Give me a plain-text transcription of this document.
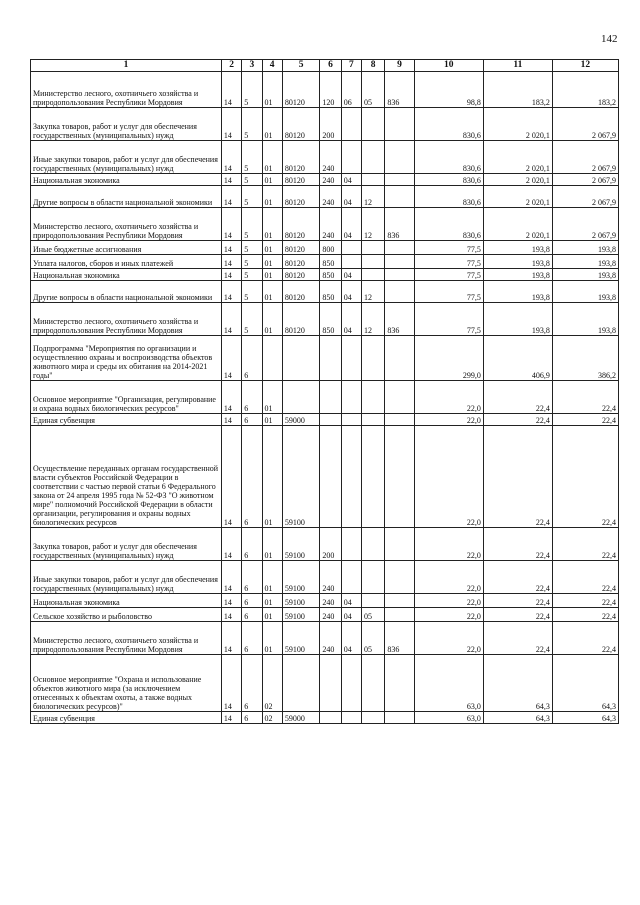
142
1	2	3	4	5	6	7	8	9	10	11	12
Министерство лесного, охотничьего хозяйства и природопользования Республики Мордовия	14	5	01	80120	120	06	05	836	98,8	183,2	183,2
Закупка товаров, работ и услуг для обеспечения государственных (муниципальных) нужд	14	5	01	80120	200				830,6	2 020,1	2 067,9
Иные закупки товаров, работ и услуг для обеспечения государственных (муниципальных) нужд	14	5	01	80120	240				830,6	2 020,1	2 067,9
Национальная экономика	14	5	01	80120	240	04			830,6	2 020,1	2 067,9
Другие вопросы в области национальной экономики	14	5	01	80120	240	04	12		830,6	2 020,1	2 067,9
Министерство лесного, охотничьего хозяйства и природопользования Республики Мордовия	14	5	01	80120	240	04	12	836	830,6	2 020,1	2 067,9
Иные бюджетные ассигнования	14	5	01	80120	800				77,5	193,8	193,8
Уплата налогов, сборов и иных платежей	14	5	01	80120	850				77,5	193,8	193,8
Национальная экономика	14	5	01	80120	850	04			77,5	193,8	193,8
Другие вопросы в области национальной экономики	14	5	01	80120	850	04	12		77,5	193,8	193,8
Министерство лесного, охотничьего хозяйства и природопользования Республики Мордовия	14	5	01	80120	850	04	12	836	77,5	193,8	193,8
Подпрограмма "Мероприятия по организации и осуществлению охраны и воспроизводства объектов животного мира и среды их обитания на 2014-2021 годы"	14	6							299,0	406,9	386,2
Основное мероприятие "Организация, регулирование и охрана водных биологических ресурсов"	14	6	01						22,0	22,4	22,4
Единая субвенция	14	6	01	59000					22,0	22,4	22,4
Осуществление переданных органам государственной власти субъектов Российской Федерации в соответствии с частью первой статьи 6 Федерального закона от 24 апреля 1995 года № 52-ФЗ "О животном мире" полномочий Российской Федерации в области организации, регулирования и охраны водных биологических ресурсов	14	6	01	59100					22,0	22,4	22,4
Закупка товаров, работ и услуг для обеспечения государственных (муниципальных) нужд	14	6	01	59100	200				22,0	22,4	22,4
Иные закупки товаров, работ и услуг для обеспечения государственных (муниципальных) нужд	14	6	01	59100	240				22,0	22,4	22,4
Национальная экономика	14	6	01	59100	240	04			22,0	22,4	22,4
Сельское хозяйство и рыболовство	14	6	01	59100	240	04	05		22,0	22,4	22,4
Министерство лесного, охотничьего хозяйства и природопользования Республики Мордовия	14	6	01	59100	240	04	05	836	22,0	22,4	22,4
Основное мероприятие "Охрана и использование объектов животного мира (за исключением отнесенных к объектам охоты, а также водных биологических ресурсов)"	14	6	02						63,0	64,3	64,3
Единая субвенция	14	6	02	59000					63,0	64,3	64,3
